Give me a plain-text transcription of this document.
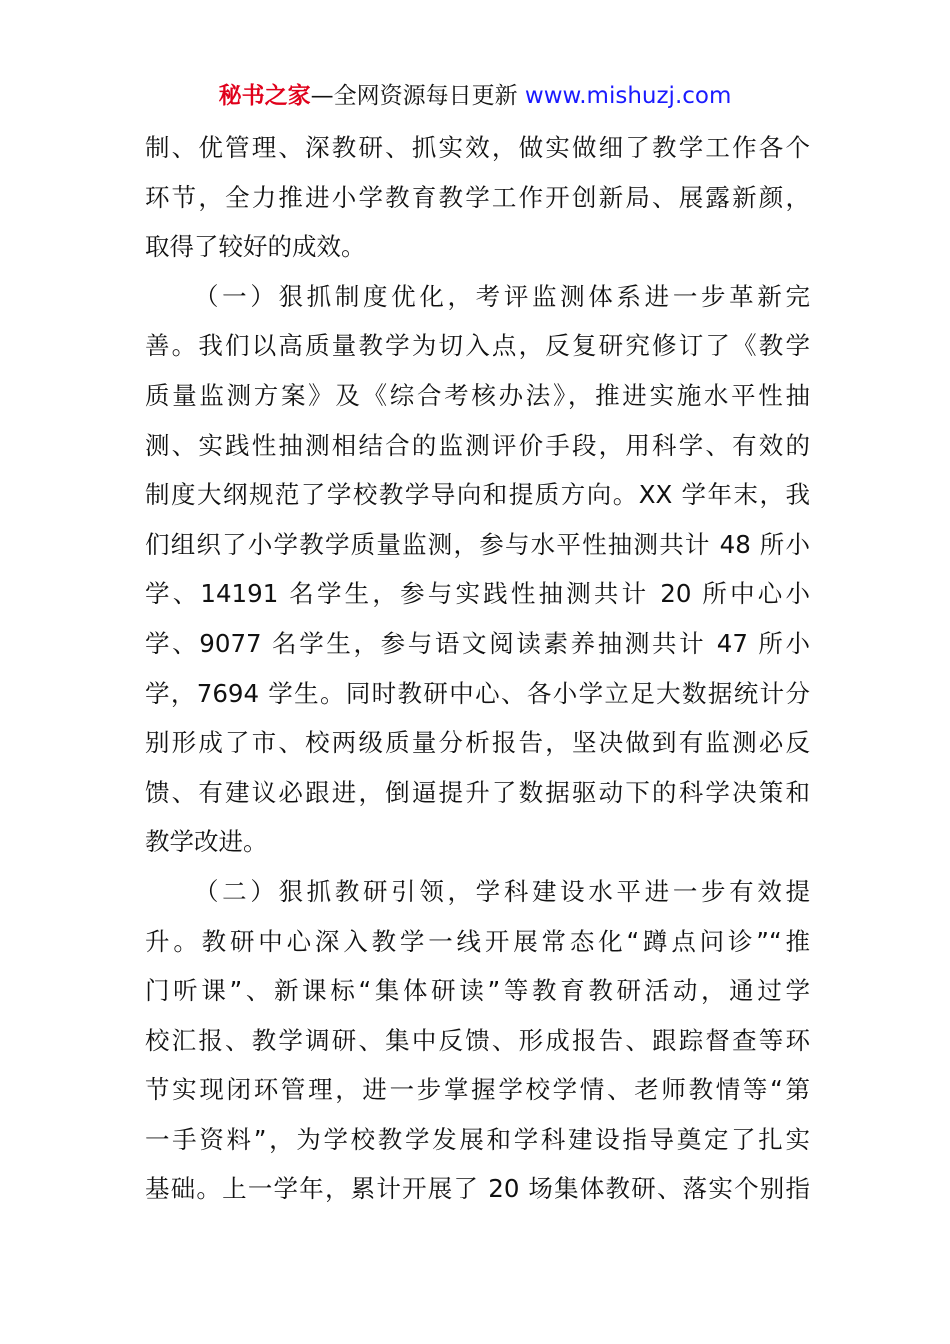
秘书之家—全网资源每日更新 www.mishuzj.com
制、优管理、深教研、抓实效，做实做细了教学工作各个
环节，全力推进小学教育教学工作开创新局、展露新颜，
取得了较好的成效。
（一）狠抓制度优化，考评监测体系进一步革新完
善。我们以高质量教学为切入点，反复研究修订了《教学
质量监测方案》及《综合考核办法》，推进实施水平性抽
测、实践性抽测相结合的监测评价手段，用科学、有效的
制度大纲规范了学校教学导向和提质方向。XX 学年末，我
们组织了小学教学质量监测，参与水平性抽测共计 48 所小
学、14191 名学生，参与实践性抽测共计 20 所中心小
学、9077 名学生，参与语文阅读素养抽测共计 47 所小
学，7694 学生。同时教研中心、各小学立足大数据统计分
别形成了市、校两级质量分析报告，坚决做到有监测必反
馈、有建议必跟进，倒逼提升了数据驱动下的科学决策和
教学改进。
（二）狠抓教研引领，学科建设水平进一步有效提
升。教研中心深入教学一线开展常态化“蹲点问诊”“推
门听课”、新课标“集体研读”等教育教研活动，通过学
校汇报、教学调研、集中反馈、形成报告、跟踪督查等环
节实现闭环管理，进一步掌握学校学情、老师教情等“第
一手资料”，为学校教学发展和学科建设指导奠定了扎实
基础。上一学年，累计开展了 20 场集体教研、落实个别指
